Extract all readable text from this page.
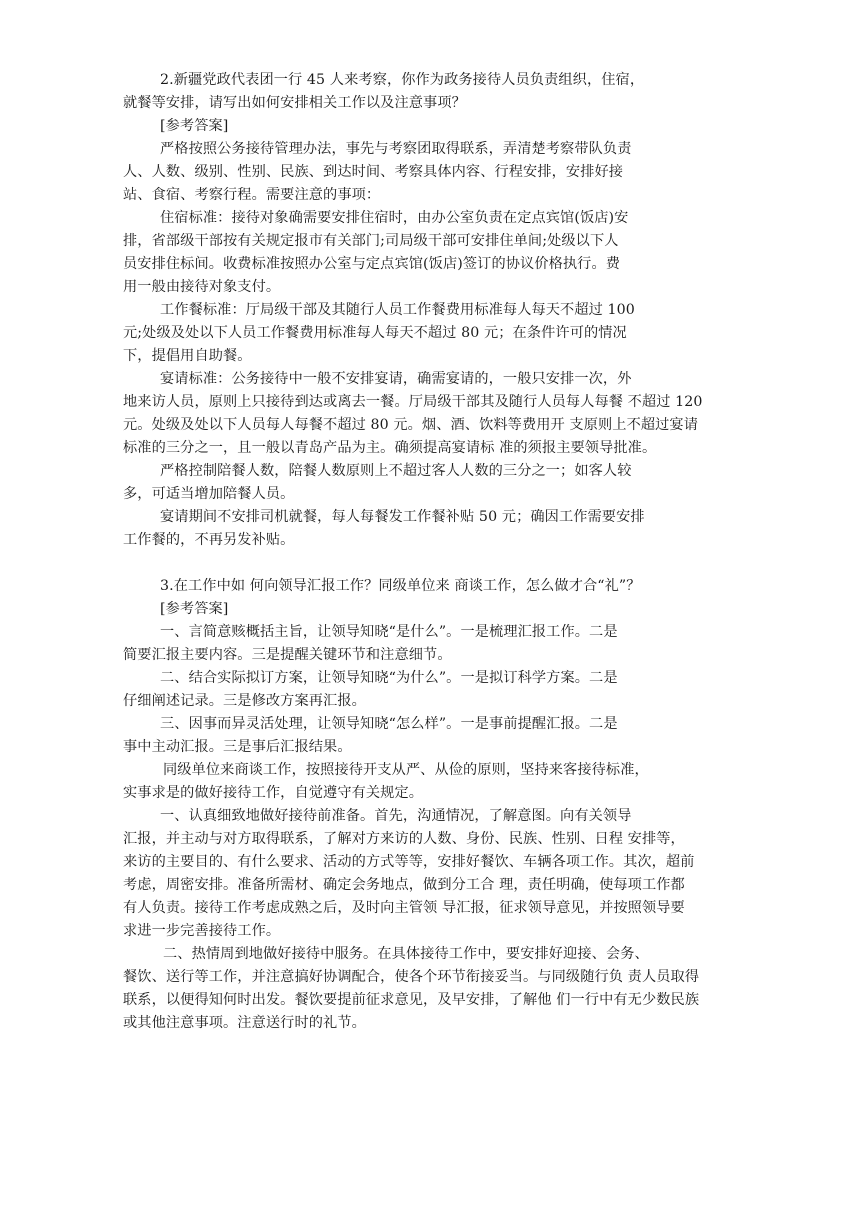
2.新疆党政代表团一行 45 人来考察，你作为政务接待人员负责组织，住宿，
就餐等安排，请写出如何安排相关工作以及注意事项？
[参考答案]
严格按照公务接待管理办法，事先与考察团取得联系，弄清楚考察带队负责
人、人数、级别、性别、民族、到达时间、考察具体内容、行程安排，安排好接
站、食宿、考察行程。需要注意的事项：
住宿标准：接待对象确需要安排住宿时，由办公室负责在定点宾馆(饭店)安
排，省部级干部按有关规定报市有关部门;司局级干部可安排住单间;处级以下人
员安排住标间。收费标准按照办公室与定点宾馆(饭店)签订的协议价格执行。费
用一般由接待对象支付。
工作餐标准：厅局级干部及其随行人员工作餐费用标准每人每天不超过 100
元;处级及处以下人员工作餐费用标准每人每天不超过 80 元；在条件许可的情况
下，提倡用自助餐。
宴请标准：公务接待中一般不安排宴请，确需宴请的，一般只安排一次，外
地来访人员，原则上只接待到达或离去一餐。厅局级干部其及随行人员每人每餐 不超过 120
元。处级及处以下人员每人每餐不超过 80 元。烟、酒、饮料等费用开 支原则上不超过宴请
标准的三分之一，且一般以青岛产品为主。确须提高宴请标 准的须报主要领导批准。
严格控制陪餐人数，陪餐人数原则上不超过客人人数的三分之一；如客人较
多，可适当增加陪餐人员。
宴请期间不安排司机就餐，每人每餐发工作餐补贴 50 元；确因工作需要安排
工作餐的，不再另发补贴。
3.在工作中如 何向领导汇报工作？同级单位来 商谈工作，怎么做才合“礼”？
[参考答案]
一、言简意赅概括主旨，让领导知晓“是什么”。一是梳理汇报工作。二是
简要汇报主要内容。三是提醒关键环节和注意细节。
二、结合实际拟订方案，让领导知晓“为什么”。一是拟订科学方案。二是
仔细阐述记录。三是修改方案再汇报。
三、因事而异灵活处理，让领导知晓“怎么样”。一是事前提醒汇报。二是
事中主动汇报。三是事后汇报结果。
同级单位来商谈工作，按照接待开支从严、从俭的原则，坚持来客接待标准，
实事求是的做好接待工作，自觉遵守有关规定。
一、认真细致地做好接待前准备。首先，沟通情况，了解意图。向有关领导
汇报，并主动与对方取得联系，了解对方来访的人数、身份、民族、性别、日程 安排等，
来访的主要目的、有什么要求、活动的方式等等，安排好餐饮、车辆各项工作。其次，超前
考虑，周密安排。准备所需材、确定会务地点，做到分工合 理，责任明确，使每项工作都
有人负责。接待工作考虑成熟之后，及时向主管领 导汇报，征求领导意见，并按照领导要
求进一步完善接待工作。
二、热情周到地做好接待中服务。在具体接待工作中，要安排好迎接、会务、
餐饮、送行等工作，并注意搞好协调配合，使各个环节衔接妥当。与同级随行负 责人员取得
联系，以便得知何时出发。餐饮要提前征求意见，及早安排，了解他 们一行中有无少数民族
或其他注意事项。注意送行时的礼节。
